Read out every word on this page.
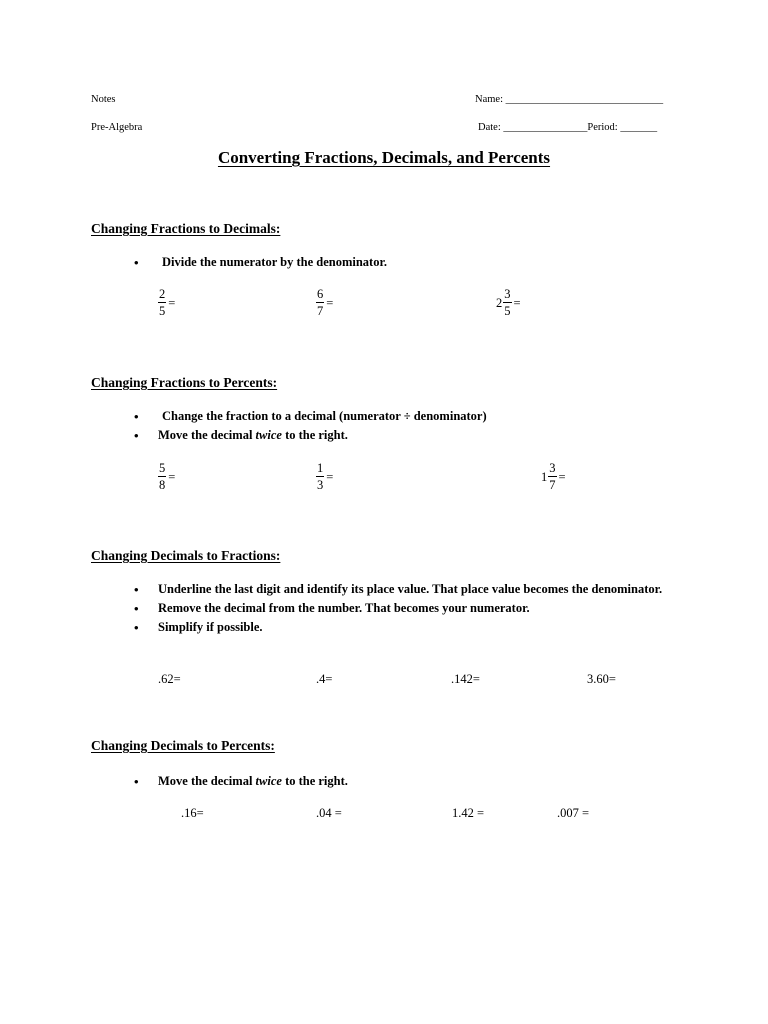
Notes
Pre-Algebra
Name: ______________________________
Date: ________________Period: _______
Converting Fractions, Decimals, and Percents
Changing Fractions to Decimals:
• Divide the numerator by the denominator.
$\frac{2}{5}$ =	$\frac{6}{7}$ =	$2 \frac{3}{5}$ =
Changing Fractions to Percents:
• Change the fraction to a decimal (numerator ÷ denominator)
• Move the decimal twice to the right.
$\frac{5}{8}$ =	$\frac{1}{3}$ =	$1 \frac{3}{7}$ =
Changing Decimals to Fractions:
• Underline the last digit and identify its place value. That place value becomes the denominator.
• Remove the decimal from the number. That becomes your numerator.
• Simplify if possible.
.62=	.4=	.142=	3.60=
Changing Decimals to Percents:
• Move the decimal twice to the right.
.16=	.04 =	1.42 =	.007 =
